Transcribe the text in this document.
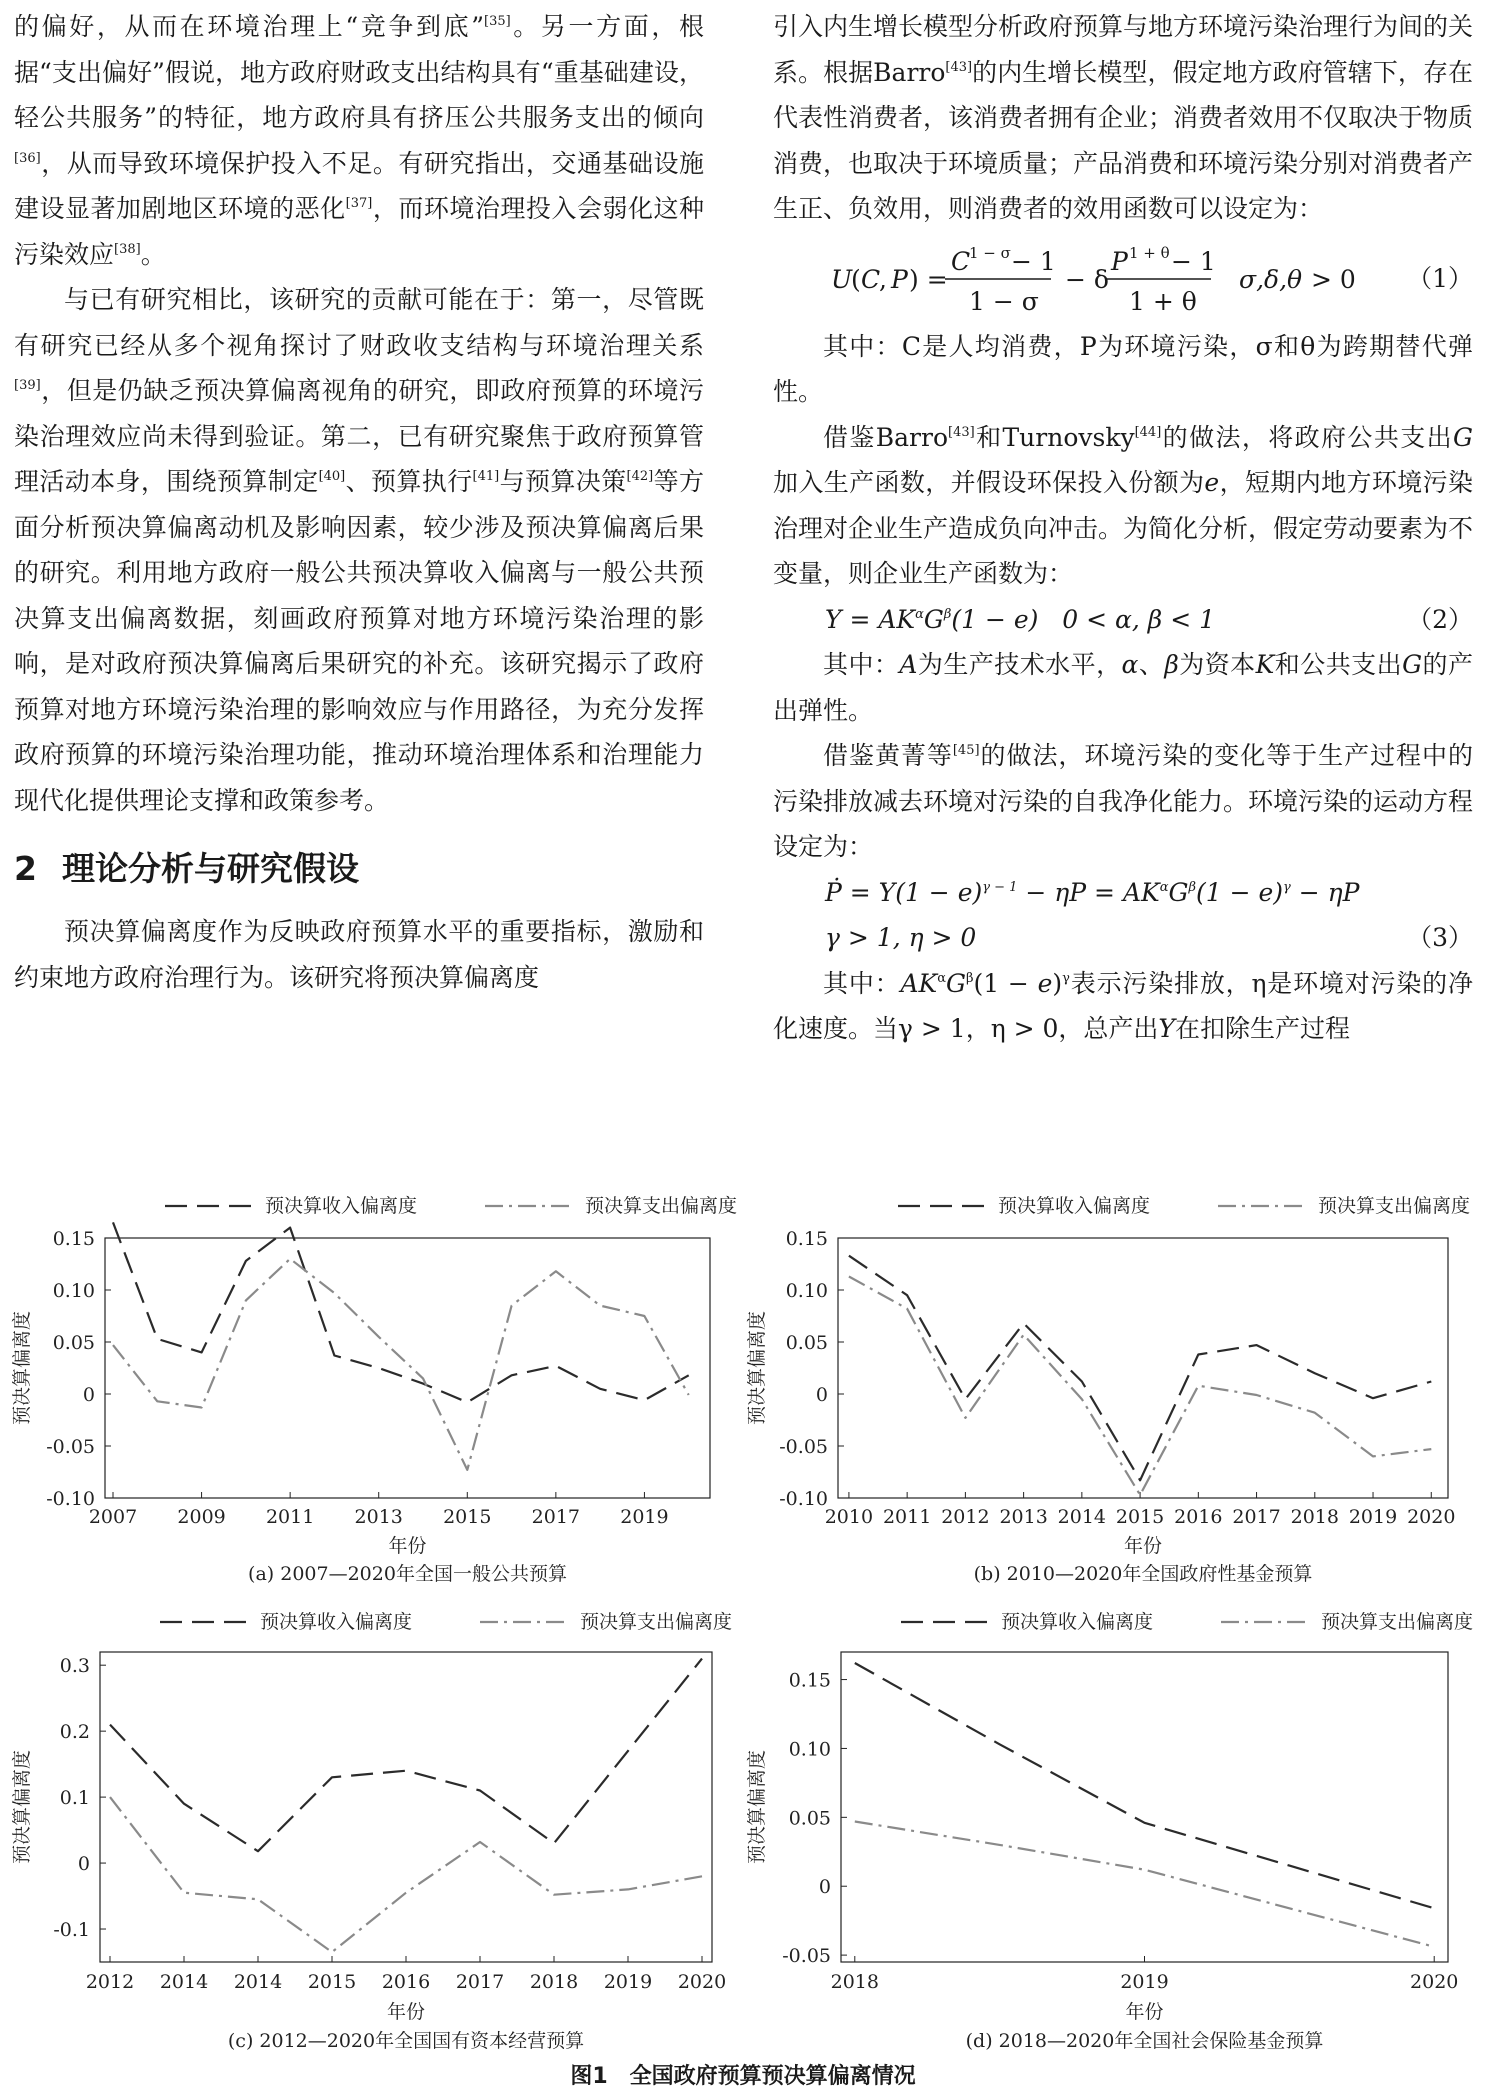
的偏好，从而在环境治理上“竞争到底”[35]。另一方面，根据“支出偏好”假说，地方政府财政支出结构具有“重基础建设，轻公共服务”的特征，地方政府具有挤压公共服务支出的倾向[36]，从而导致环境保护投入不足。有研究指出，交通基础设施建设显著加剧地区环境的恶化[37]，而环境治理投入会弱化这种污染效应[38]。

与已有研究相比，该研究的贡献可能在于：第一，尽管既有研究已经从多个视角探讨了财政收支结构与环境治理关系[39]，但是仍缺乏预决算偏离视角的研究，即政府预算的环境污染治理效应尚未得到验证。第二，已有研究聚焦于政府预算管理活动本身，围绕预算制定[40]、预算执行[41]与预算决策[42]等方面分析预决算偏离动机及影响因素，较少涉及预决算偏离后果的研究。利用地方政府一般公共预决算收入偏离与一般公共预决算支出偏离数据，刻画政府预算对地方环境污染治理的影响，是对政府预决算偏离后果研究的补充。该研究揭示了政府预算对地方环境污染治理的影响效应与作用路径，为充分发挥政府预算的环境污染治理功能，推动环境治理体系和治理能力现代化提供理论支撑和政策参考。

2 理论分析与研究假设

预决算偏离度作为反映政府预算水平的重要指标，激励和约束地方政府治理行为。该研究将预决算偏离度

引入内生增长模型分析政府预算与地方环境污染治理行为间的关系。根据Barro[43]的内生增长模型，假定地方政府管辖下，存在代表性消费者，该消费者拥有企业；消费者效用不仅取决于物质消费，也取决于环境质量；产品消费和环境污染分别对消费者产生正、负效用，则消费者的效用函数可以设定为：

U
( C
, P ) =
C
1 − σ − 1
1 − σ
− δ
P 1 + θ − 1
1 + θ
σ,δ,θ > 0 （1）

其中：C是人均消费，P为环境污染，σ和θ为跨期替代弹性。

借鉴Barro[43]和Turnovsky[44]的做法，将政府公共支出G加入生产函数，并假设环保投入份额为e，短期内地方环境污染治理对企业生产造成负向冲击。为简化分析，假定劳动要素为不变量，则企业生产函数为：

$Y = AK^\alpha G^\beta(1 - e) 0 < \alpha$, β < 1	（2）

其中：A为生产技术水平，α、β为资本K和公共支出G的产出弹性。

借鉴黄菁等[45]的做法，环境污染的变化等于生产过程中的污染排放减去环境对污染的自我净化能力。环境污染的运动方程设定为：

Ṗ = $Y(1 - e)^{\gamma - 1} - \eta P = AK^\alpha G^\beta(1 - e)^\gamma - \eta P$
γ > 1, η > 0	（3）

其中：$AK^\alpha G^\beta(1 - e)^\gamma$表示污染排放，η是环境对污染的净化速度。当γ > 1，η > 0，总产出Y在扣除生产过程

0.15
0.10
0.05
0
-0.05
-0.10
2007 2009 2011 2013 2015 2017 2019
年份
预决算偏离度
(a) 2007—2020年全国一般公共预算
预决算收入偏离度	预决算支出偏离度
0.15
0.10
0.05
0
-0.05
-0.10
2010 2011 2012 2013 2014 2015 2016 2017 2018 2019 2020
年份
预决算偏离度
(b) 2010—2020年全国政府性基金预算
预决算收入偏离度	预决算支出偏离度
0.3
0.2
0.1
0
-0.1
2012 2014 2014 2015 2016 2017 2018 2019 2020
年份
预决算偏离度
(c) 2012—2020年全国国有资本经营预算
预决算收入偏离度	预决算支出偏离度
0.15
0.10
0.05
0
-0.05
2018	2019	2020
年份
预决算偏离度
(d) 2018—2020年全国社会保险基金预算
预决算收入偏离度	预决算支出偏离度
图1　全国政府预算预决算偏离情况
